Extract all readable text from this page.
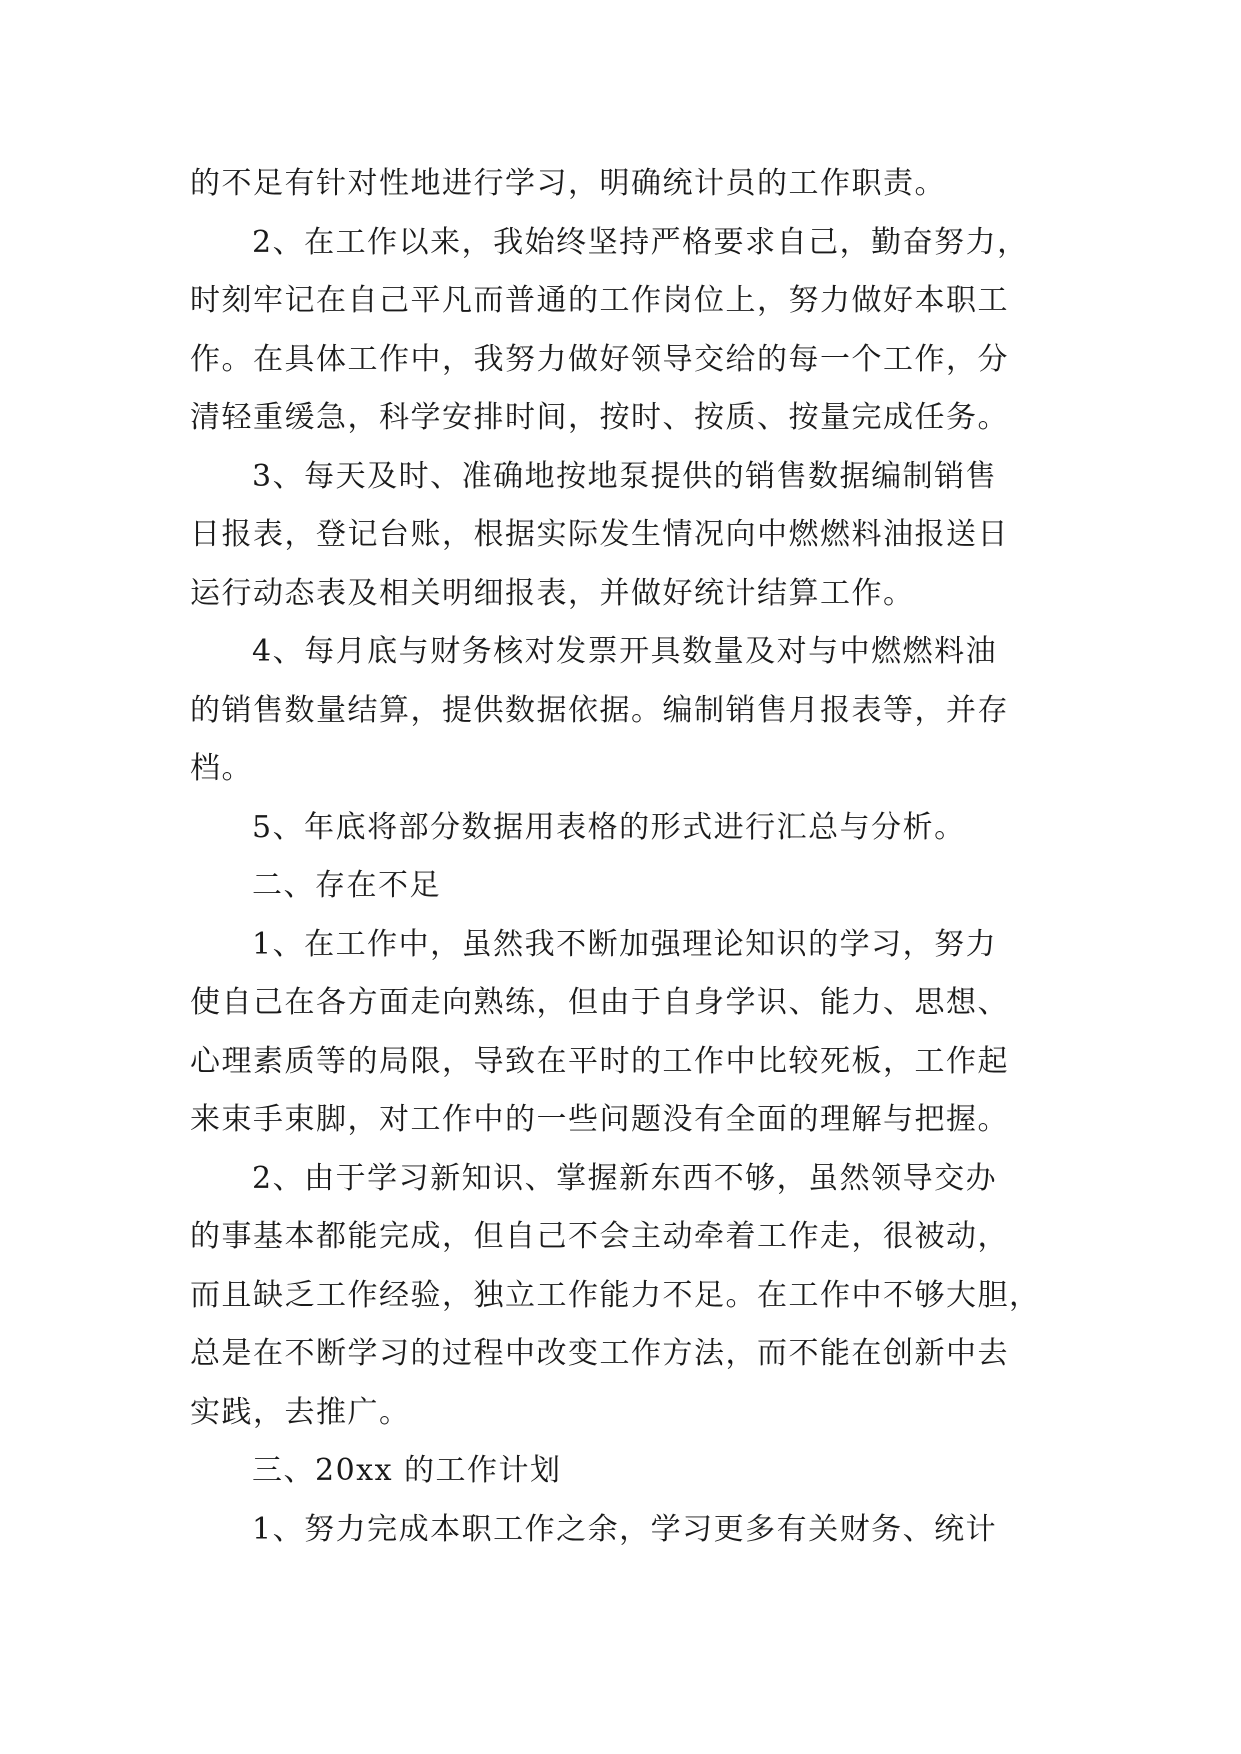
的不足有针对性地进行学习，明确统计员的工作职责。
2、在工作以来，我始终坚持严格要求自己，勤奋努力，
时刻牢记在自己平凡而普通的工作岗位上，努力做好本职工
作。在具体工作中，我努力做好领导交给的每一个工作，分
清轻重缓急，科学安排时间，按时、按质、按量完成任务。
3、每天及时、准确地按地泵提供的销售数据编制销售
日报表，登记台账，根据实际发生情况向中燃燃料油报送日
运行动态表及相关明细报表，并做好统计结算工作。
4、每月底与财务核对发票开具数量及对与中燃燃料油
的销售数量结算，提供数据依据。编制销售月报表等，并存
档。
5、年底将部分数据用表格的形式进行汇总与分析。
二、存在不足
1、在工作中，虽然我不断加强理论知识的学习，努力
使自己在各方面走向熟练，但由于自身学识、能力、思想、
心理素质等的局限，导致在平时的工作中比较死板，工作起
来束手束脚，对工作中的一些问题没有全面的理解与把握。
2、由于学习新知识、掌握新东西不够，虽然领导交办
的事基本都能完成，但自己不会主动牵着工作走，很被动，
而且缺乏工作经验，独立工作能力不足。在工作中不够大胆，
总是在不断学习的过程中改变工作方法，而不能在创新中去
实践，去推广。
三、20xx 的工作计划
1、努力完成本职工作之余，学习更多有关财务、统计
